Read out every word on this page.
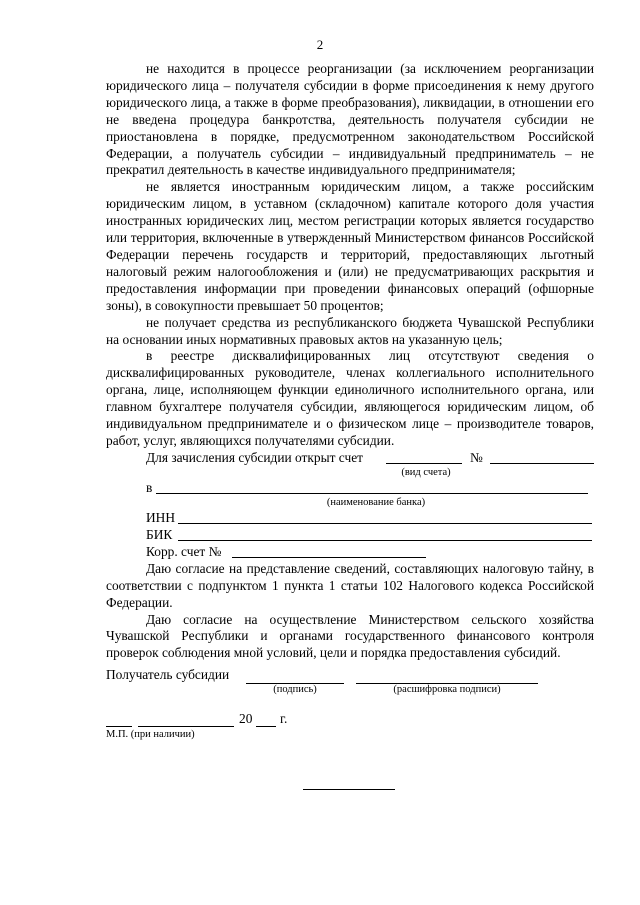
2

не находится в процессе реорганизации (за исключением реорганизации юридического лица – получателя субсидии в форме присоединения к нему другого юридического лица, а также в форме преобразования), ликвидации, в отношении его не введена процедура банкротства, деятельность получателя субсидии не приостановлена в порядке, предусмотренном законодательством Российской Федерации, а получатель субсидии – индивидуальный предприниматель – не прекратил деятельность в качестве индивидуального предпринимателя;

не является иностранным юридическим лицом, а также российским юридическим лицом, в уставном (складочном) капитале которого доля участия иностранных юридических лиц, местом регистрации которых является государство или территория, включенные в утвержденный Министерством финансов Российской Федерации перечень государств и территорий, предоставляющих льготный налоговый режим налогообложения и (или) не предусматривающих раскрытия и предоставления информации при проведении финансовых операций (офшорные зоны), в совокупности превышает 50 процентов;

не получает средства из республиканского бюджета Чувашской Республики на основании иных нормативных правовых актов на указанную цель;

в реестре дисквалифицированных лиц отсутствуют сведения о дисквалифицированных руководителе, членах коллегиального исполнительного органа, лице, исполняющем функции единоличного исполнительного органа, или главном бухгалтере получателя субсидии, являющегося юридическим лицом, об индивидуальном предпринимателе и о физическом лице – производителе товаров, работ, услуг, являющихся получателями субсидии.

Для зачисления субсидии открыт счет	№
(вид счета)
в
(наименование банка)
ИНН
БИК
Корр. счет №

Даю согласие на представление сведений, составляющих налоговую тайну, в соответствии с подпунктом 1 пункта 1 статьи 102 Налогового кодекса Российской Федерации.

Даю согласие на осуществление Министерством сельского хозяйства Чувашской Республики и органами государственного финансового контроля проверок соблюдения мной условий, цели и порядка предоставления субсидий.

Получатель субсидии
(подпись)	(расшифровка подписи)
20 г.
М.П. (при наличии)
